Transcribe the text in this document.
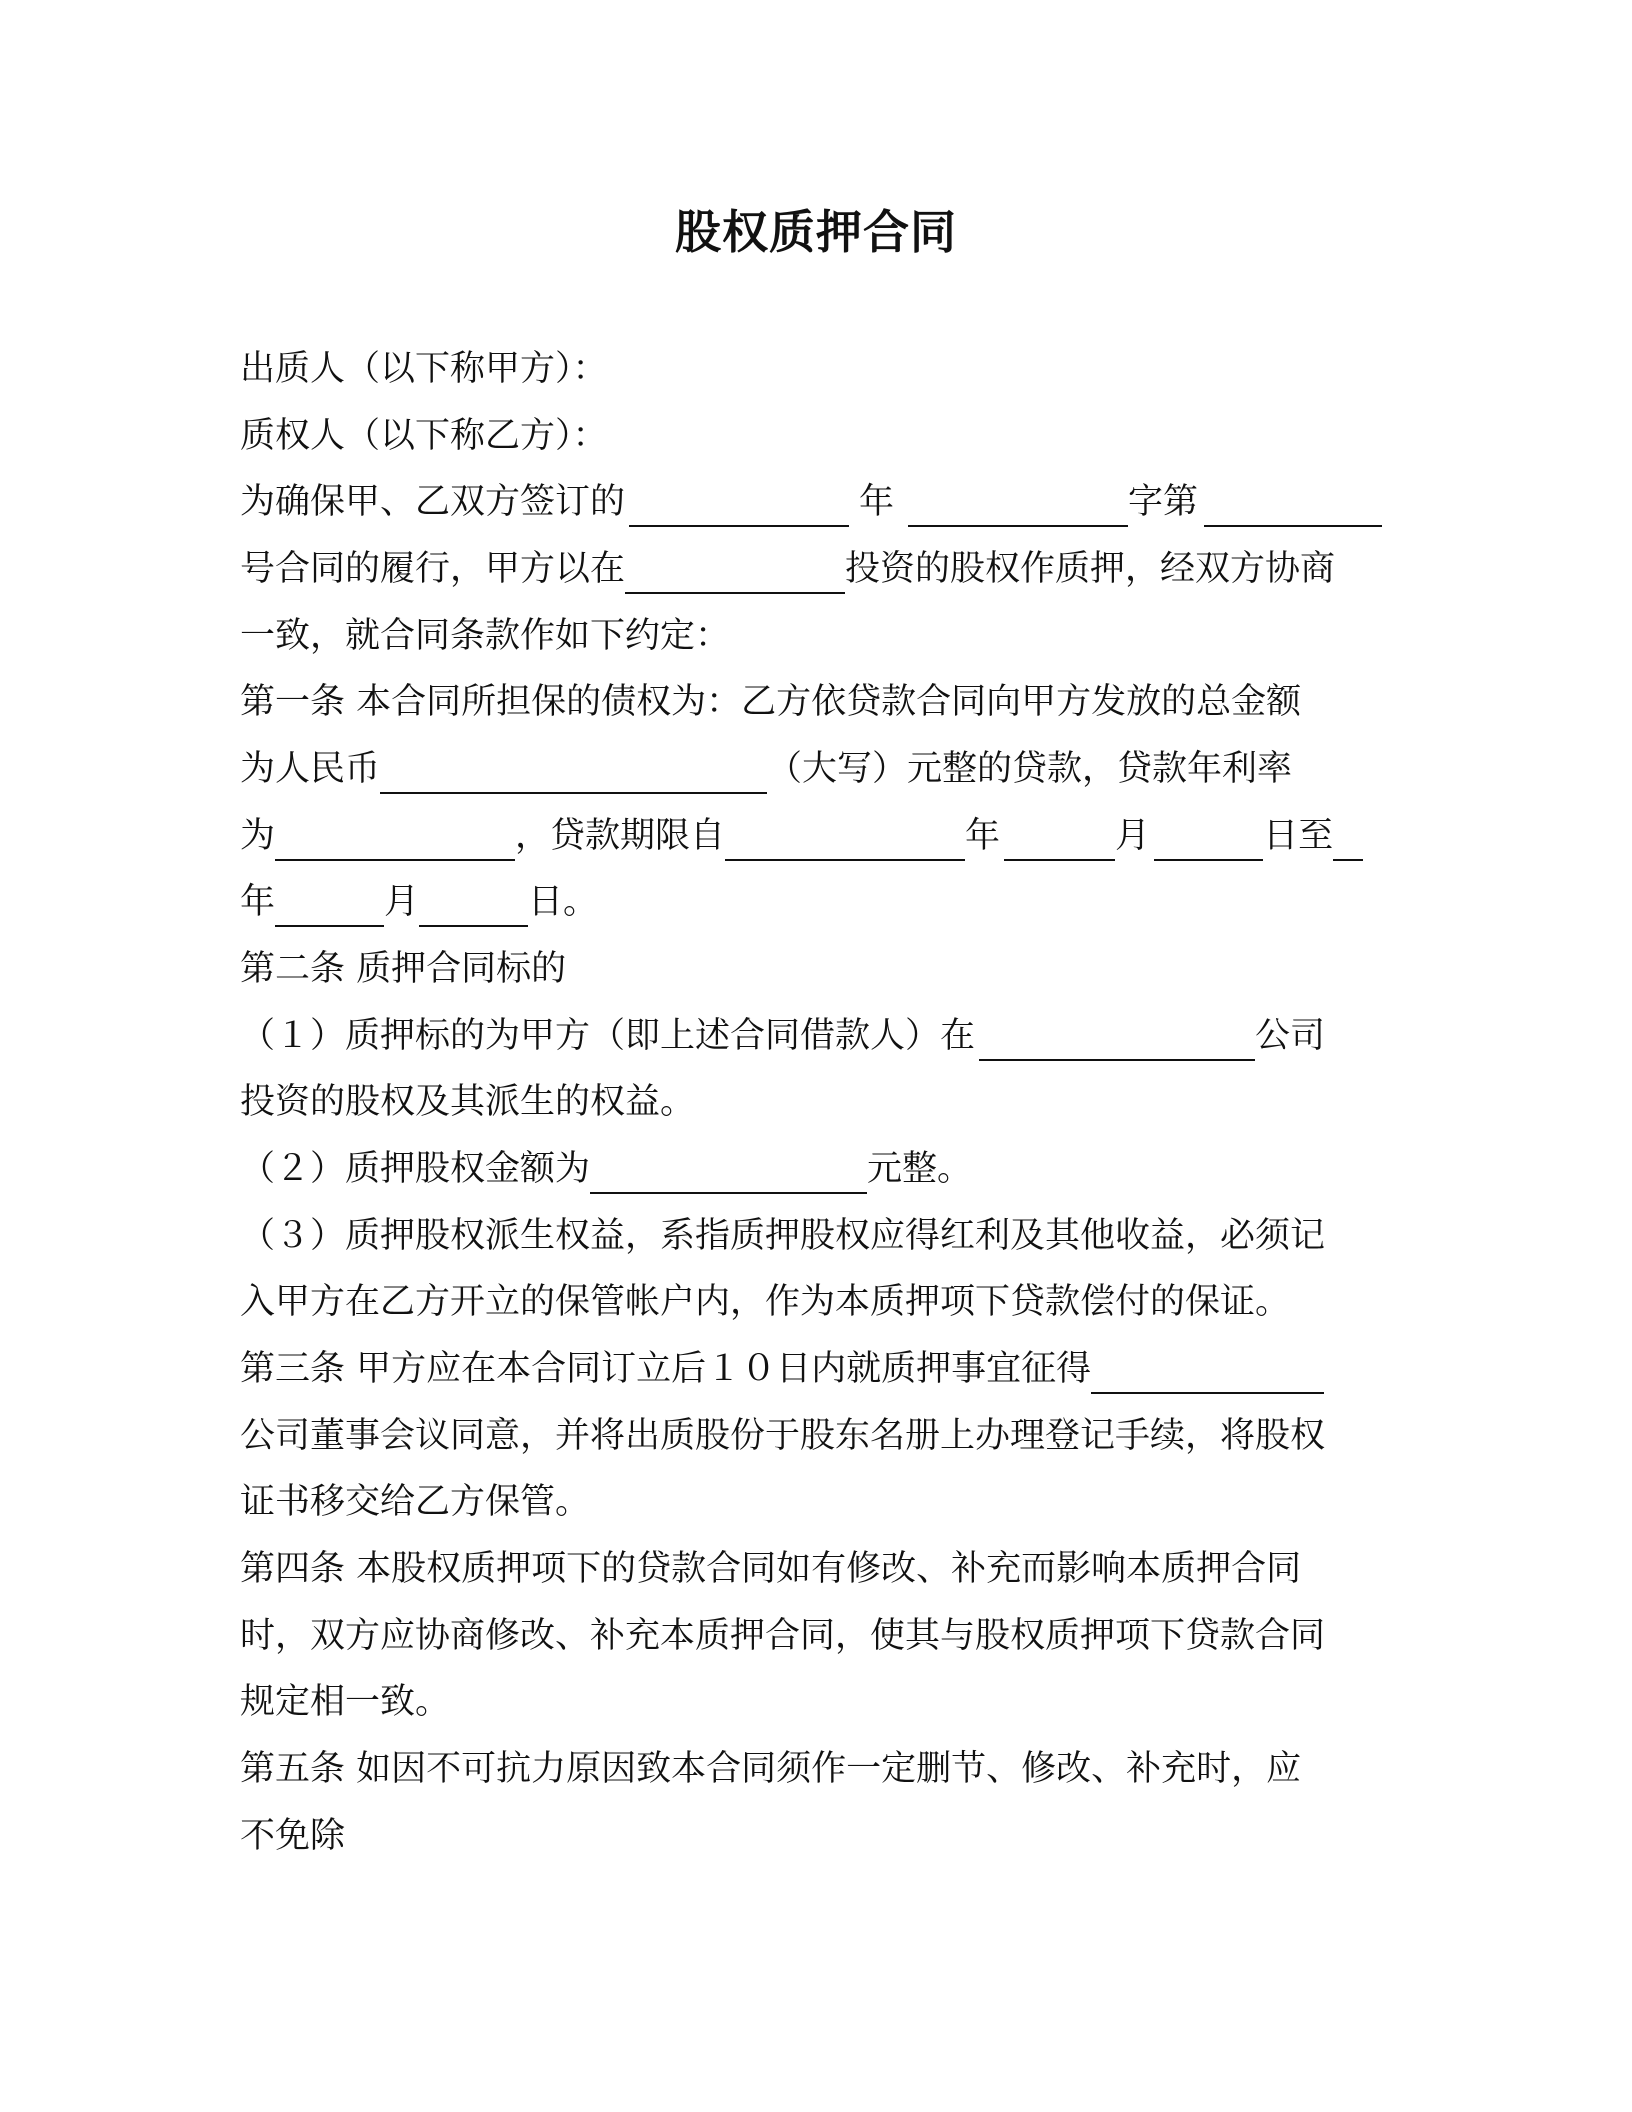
股权质押合同
出质人（以下称甲方）：
质权人（以下称乙方）：
为确保甲、乙双方签订的	年	字第
号合同的履行，甲方以在	投资的股权作质押，经双方协商
一致，就合同条款作如下约定：
第一条 本合同所担保的债权为：乙方依贷款合同向甲方发放的总金额
为人民币	（大写）元整的贷款，贷款年利率
为	，贷款期限自	年	月	日至
年	月	日。
第二条 质押合同标的
（１）质押标的为甲方（即上述合同借款人）在	公司
投资的股权及其派生的权益。
（２）质押股权金额为	元整。
（３）质押股权派生权益，系指质押股权应得红利及其他收益，必须记
入甲方在乙方开立的保管帐户内，作为本质押项下贷款偿付的保证。
第三条 甲方应在本合同订立后１０日内就质押事宜征得
公司董事会议同意，并将出质股份于股东名册上办理登记手续，将股权
证书移交给乙方保管。
第四条 本股权质押项下的贷款合同如有修改、补充而影响本质押合同
时，双方应协商修改、补充本质押合同，使其与股权质押项下贷款合同
规定相一致。
第五条 如因不可抗力原因致本合同须作一定删节、修改、补充时，应
不免除
